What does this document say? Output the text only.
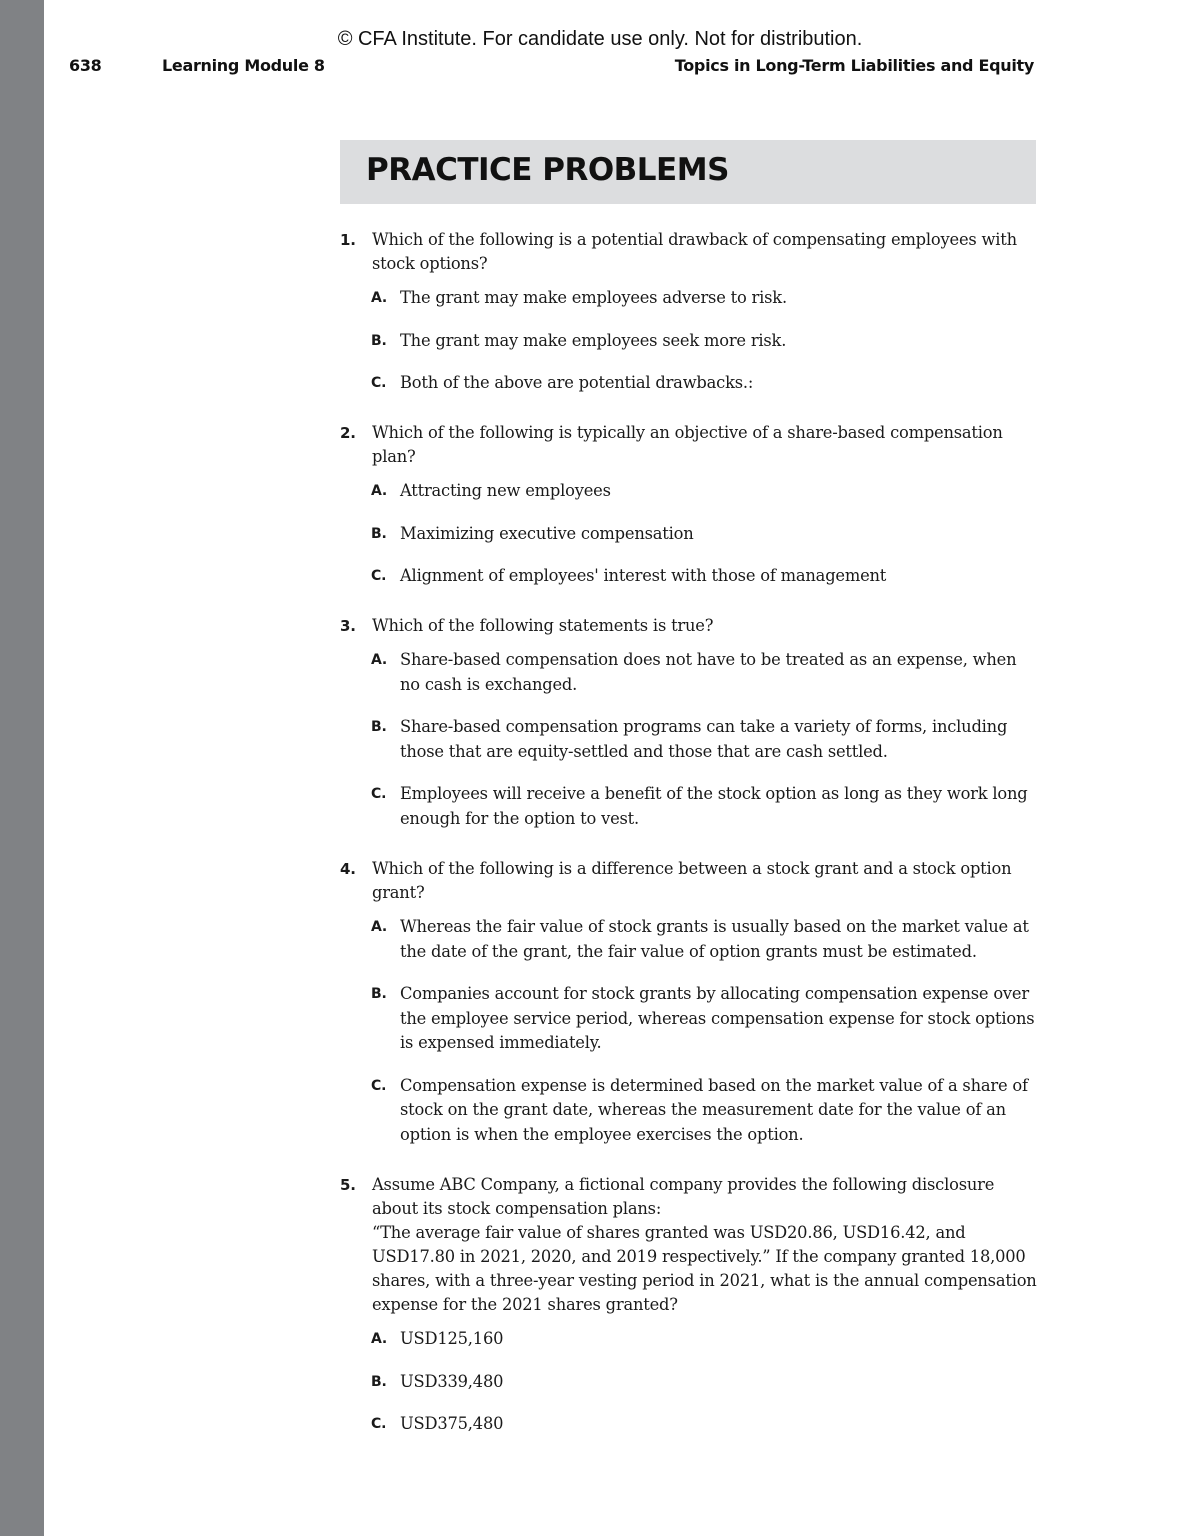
© CFA Institute. For candidate use only. Not for distribution.
638	Learning Module 8	Topics in Long-Term Liabilities and Equity
PRACTICE PROBLEMS
1. Which of the following is a potential drawback of compensating employees with stock options?
A. The grant may make employees adverse to risk.
B. The grant may make employees seek more risk.
C. Both of the above are potential drawbacks.:
2. Which of the following is typically an objective of a share-based compensation plan?
A. Attracting new employees
B. Maximizing executive compensation
C. Alignment of employees' interest with those of management
3. Which of the following statements is true?
A. Share-based compensation does not have to be treated as an expense, when no cash is exchanged.
B. Share-based compensation programs can take a variety of forms, including those that are equity-settled and those that are cash settled.
C. Employees will receive a benefit of the stock option as long as they work long enough for the option to vest.
4. Which of the following is a difference between a stock grant and a stock option grant?
A. Whereas the fair value of stock grants is usually based on the market value at the date of the grant, the fair value of option grants must be estimated.
B. Companies account for stock grants by allocating compensation expense over the employee service period, whereas compensation expense for stock options is expensed immediately.
C. Compensation expense is determined based on the market value of a share of stock on the grant date, whereas the measurement date for the value of an option is when the employee exercises the option.
5. Assume ABC Company, a fictional company provides the following disclosure about its stock compensation plans:
“The average fair value of shares granted was USD20.86, USD16.42, and USD17.80 in 2021, 2020, and 2019 respectively.” If the company granted 18,000 shares, with a three-year vesting period in 2021, what is the annual compensation expense for the 2021 shares granted?
A. USD125,160
B. USD339,480
C. USD375,480
